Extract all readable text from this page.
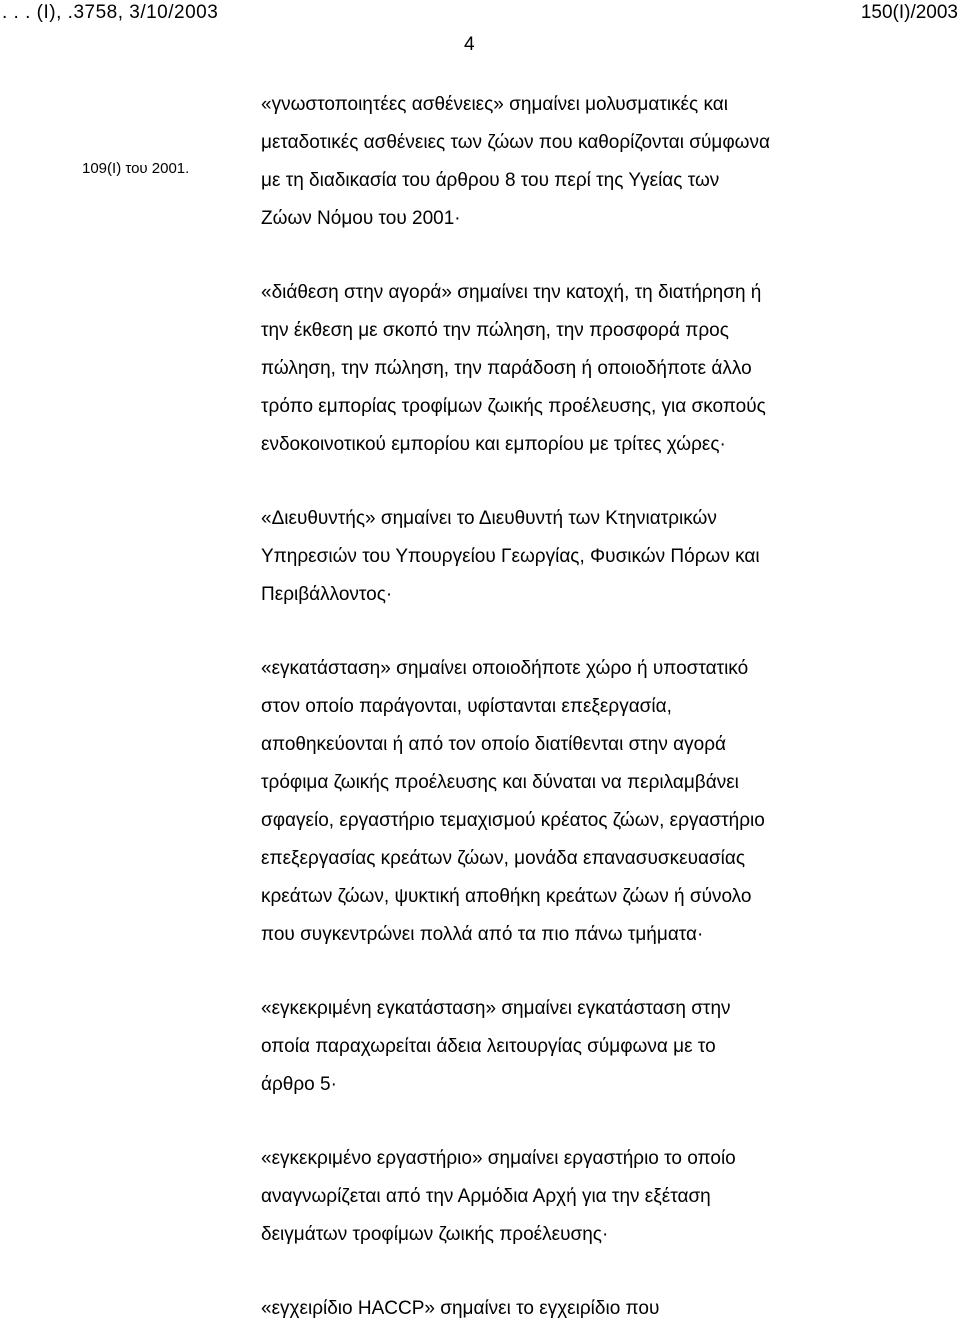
. . . (Ι), .3758, 3/10/2003	150(Ι)/2003
4
109(Ι) του 2001.
«γνωστοποιητέες ασθένειες» σημαίνει μολυσματικές και
μεταδοτικές ασθένειες των ζώων που καθορίζονται σύμφωνα
με τη διαδικασία του άρθρου 8 του περί της Υγείας των
Ζώων Νόμου του 2001·
«διάθεση στην αγορά» σημαίνει την κατοχή, τη διατήρηση ή
την έκθεση με σκοπό την πώληση, την προσφορά προς
πώληση, την πώληση, την παράδοση ή οποιοδήποτε άλλο
τρόπο εμπορίας τροφίμων ζωικής προέλευσης, για σκοπούς
ενδοκοινοτικού εμπορίου και εμπορίου με τρίτες χώρες·
«Διευθυντής» σημαίνει το Διευθυντή των Κτηνιατρικών
Υπηρεσιών του Υπουργείου Γεωργίας, Φυσικών Πόρων και
Περιβάλλοντος·
«εγκατάσταση» σημαίνει οποιοδήποτε χώρο ή υποστατικό
στον οποίο παράγονται, υφίστανται επεξεργασία,
αποθηκεύονται ή από τον οποίο διατίθενται στην αγορά
τρόφιμα ζωικής προέλευσης και δύναται να περιλαμβάνει
σφαγείο, εργαστήριο τεμαχισμού κρέατος ζώων, εργαστήριο
επεξεργασίας κρεάτων ζώων, μονάδα επανασυσκευασίας
κρεάτων ζώων, ψυκτική αποθήκη κρεάτων ζώων ή σύνολο
που συγκεντρώνει πολλά από τα πιο πάνω τμήματα·
«εγκεκριμένη εγκατάσταση» σημαίνει εγκατάσταση στην
οποία παραχωρείται άδεια λειτουργίας σύμφωνα με το
άρθρο 5·
«εγκεκριμένο εργαστήριο» σημαίνει εργαστήριο το οποίο
αναγνωρίζεται από την Αρμόδια Αρχή για την εξέταση
δειγμάτων τροφίμων ζωικής προέλευσης·
«εγχειρίδιο HACCP» σημαίνει το εγχειρίδιο που
